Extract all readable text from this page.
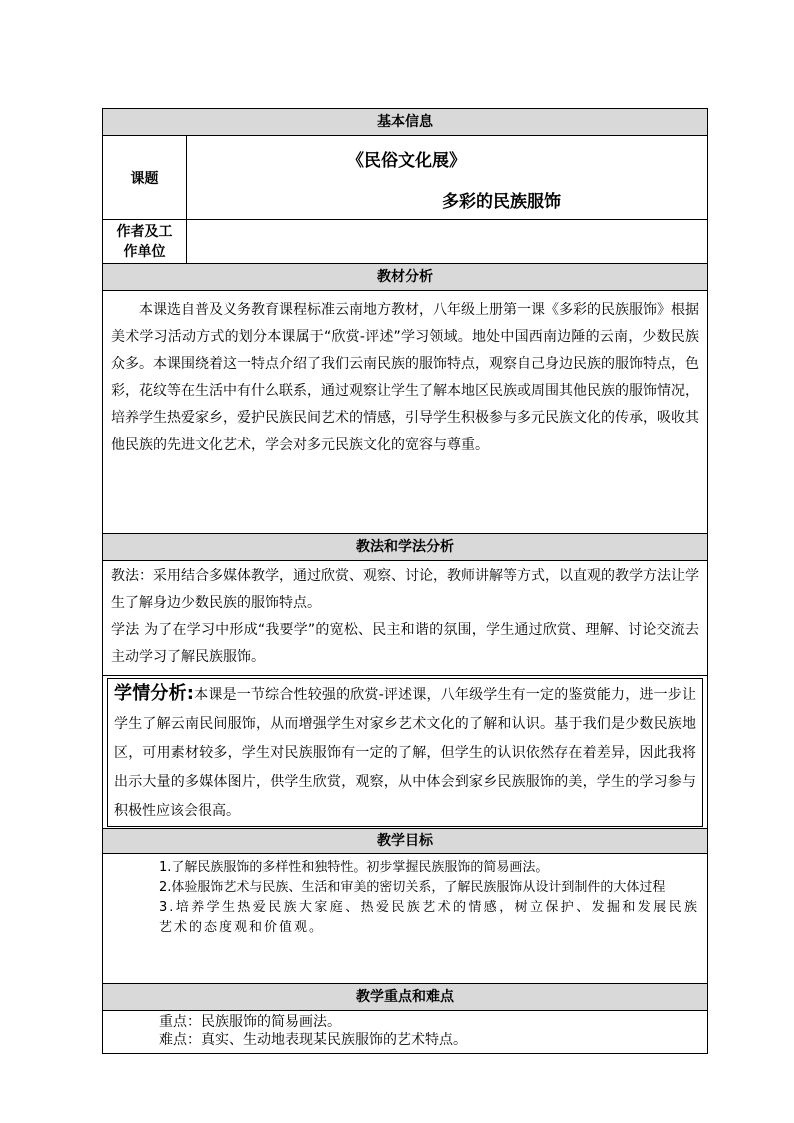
基本信息	
课题	《民俗文化展》
多彩的民族服饰

作者及工
作单位	

教材分析	

本课选自普及义务教育课程标准云南地方教材，八年级上册第一课《多彩的民族服饰》根据美术学习活动方式的划分本课属于“欣赏-评述”学习领域。地处中国西南边陲的云南，少数民族众多。本课围绕着这一特点介绍了我们云南民族的服饰特点，观察自己身边民族的服饰特点，色彩，花纹等在生活中有什么联系，通过观察让学生了解本地区民族或周围其他民族的服饰情况，培养学生热爱家乡，爱护民族民间艺术的情感，引导学生积极参与多元民族文化的传承，吸收其他民族的先进文化艺术，学会对多元民族文化的宽容与尊重。	

教法和学法分析	

教法：采用结合多媒体教学，通过欣赏、观察、讨论，教师讲解等方式，以直观的教学方法让学生了解身边少数民族的服饰特点。

学法 为了在学习中形成“我要学”的宽松、民主和谐的氛围，学生通过欣赏、理解、讨论交流去主动学习了解民族服饰。	

学情分析:本课是一节综合性较强的欣赏-评述课，八年级学生有一定的鉴赏能力，进一步让学生了解云南民间服饰，从而增强学生对家乡艺术文化的了解和认识。基于我们是少数民族地区，可用素材较多，学生对民族服饰有一定的了解，但学生的认识依然存在着差异，因此我将出示大量的多媒体图片，供学生欣赏，观察，从中体会到家乡民族服饰的美，学生的学习参与积极性应该会很高。	

教学目标	

1.了解民族服饰的多样性和独特性。初步掌握民族服饰的简易画法。
2.体验服饰艺术与民族、生活和审美的密切关系，了解民族服饰从设计到制件的大体过程
3.培养学生热爱民族大家庭、热爱民族艺术的情感，树立保护、发掘和发展民族艺术的态度观和价值观。	

教学重点和难点	

重点：民族服饰的简易画法。
难点：真实、生动地表现某民族服饰的艺术特点。	
